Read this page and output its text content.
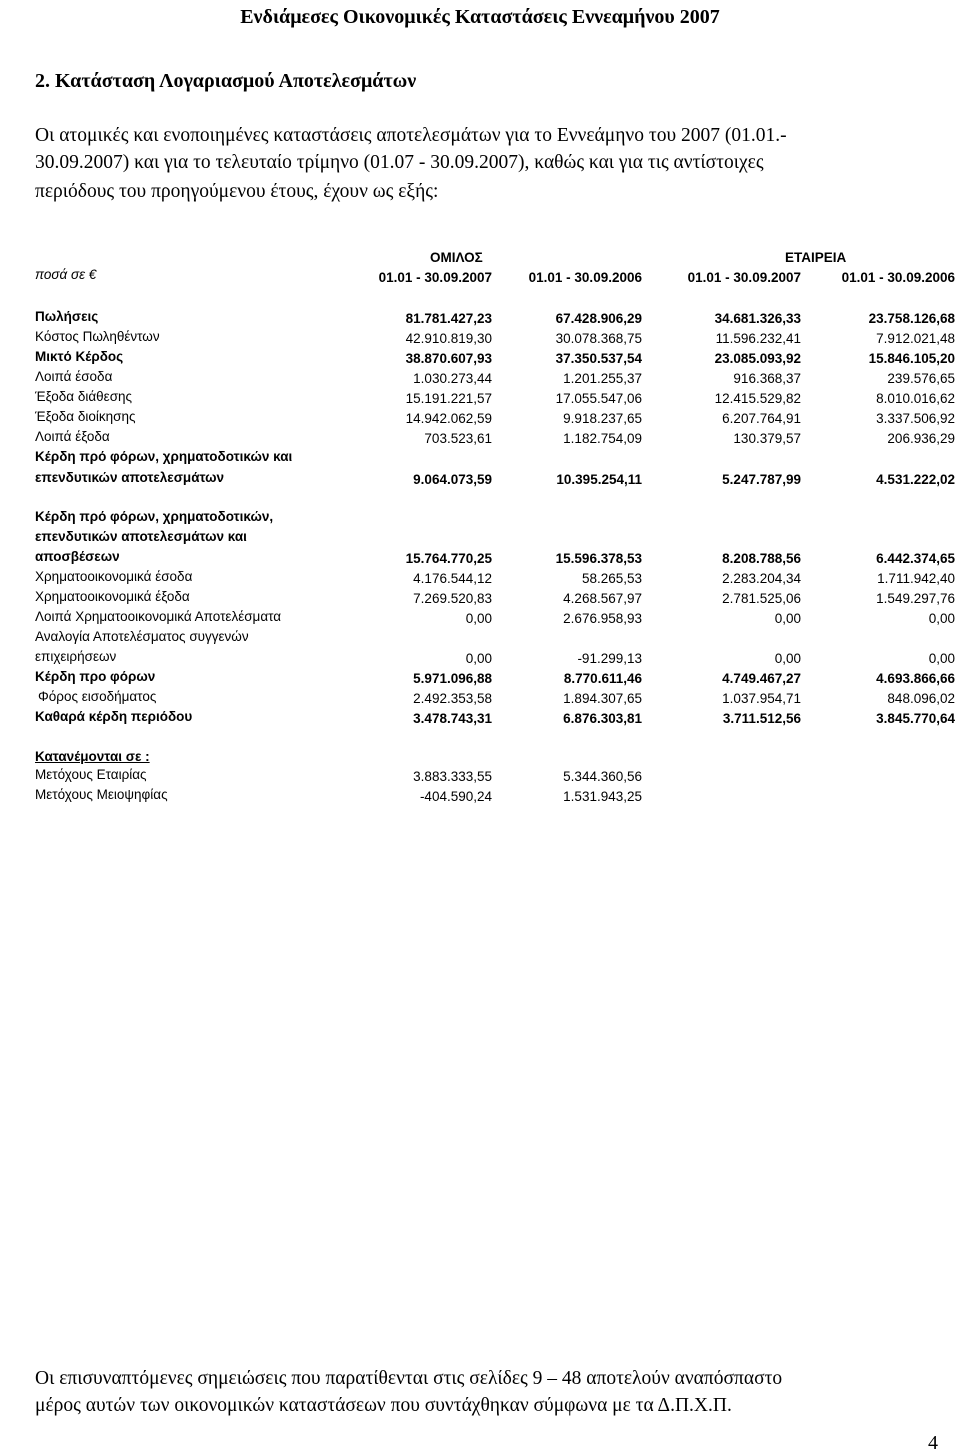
Ενδιάμεσες Οικονομικές Καταστάσεις Εννεαμήνου 2007
2. Κατάσταση Λογαριασμού Αποτελεσμάτων
Οι ατομικές και ενοποιημένες καταστάσεις αποτελεσμάτων για το Εννεάμηνο του 2007 (01.01.-
30.09.2007) και για το τελευταίο τρίμηνο (01.07 - 30.09.2007), καθώς και για τις αντίστοιχες
περιόδους του προηγούμενου έτους, έχουν ως εξής:
ΟΜΙΛΟΣ	ΕΤΑΙΡΕΙΑ
ποσά σε €	01.01 - 30.09.2007	01.01 - 30.09.2006	01.01 - 30.09.2007	01.01 - 30.09.2006
Πωλήσεις	81.781.427,23	67.428.906,29	34.681.326,33	23.758.126,68
Κόστος Πωληθέντων	42.910.819,30	30.078.368,75	11.596.232,41	7.912.021,48
Μικτό Κέρδος	38.870.607,93	37.350.537,54	23.085.093,92	15.846.105,20
Λοιπά έσοδα	1.030.273,44	1.201.255,37	916.368,37	239.576,65
Έξοδα διάθεσης	15.191.221,57	17.055.547,06	12.415.529,82	8.010.016,62
Έξοδα διοίκησης	14.942.062,59	9.918.237,65	6.207.764,91	3.337.506,92
Λοιπά έξοδα	703.523,61	1.182.754,09	130.379,57	206.936,29
Κέρδη πρό φόρων, χρηματοδοτικών και
επενδυτικών αποτελεσμάτων	9.064.073,59	10.395.254,11	5.247.787,99	4.531.222,02
Κέρδη πρό φόρων, χρηματοδοτικών,
επενδυτικών αποτελεσμάτων και
αποσβέσεων	15.764.770,25	15.596.378,53	8.208.788,56	6.442.374,65
Χρηματοοικονομικά έσοδα	4.176.544,12	58.265,53	2.283.204,34	1.711.942,40
Χρηματοοικονομικά έξοδα	7.269.520,83	4.268.567,97	2.781.525,06	1.549.297,76
Λοιπά Χρηματοοικονομικά Αποτελέσματα	0,00	2.676.958,93	0,00	0,00
Αναλογία Αποτελέσματος συγγενών
επιχειρήσεων	0,00	-91.299,13	0,00	0,00
Κέρδη προ φόρων	5.971.096,88	8.770.611,46	4.749.467,27	4.693.866,66
Φόρος εισοδήματος	2.492.353,58	1.894.307,65	1.037.954,71	848.096,02
Καθαρά κέρδη περιόδου	3.478.743,31	6.876.303,81	3.711.512,56	3.845.770,64
Κατανέμονται σε :
Μετόχους Εταιρίας	3.883.333,55	5.344.360,56
Μετόχους Μειοψηφίας	-404.590,24	1.531.943,25
Οι επισυναπτόμενες σημειώσεις που παρατίθενται στις σελίδες 9 – 48 αποτελούν αναπόσπαστο
μέρος αυτών των οικονομικών καταστάσεων που συντάχθηκαν σύμφωνα με τα Δ.Π.Χ.Π.
4
